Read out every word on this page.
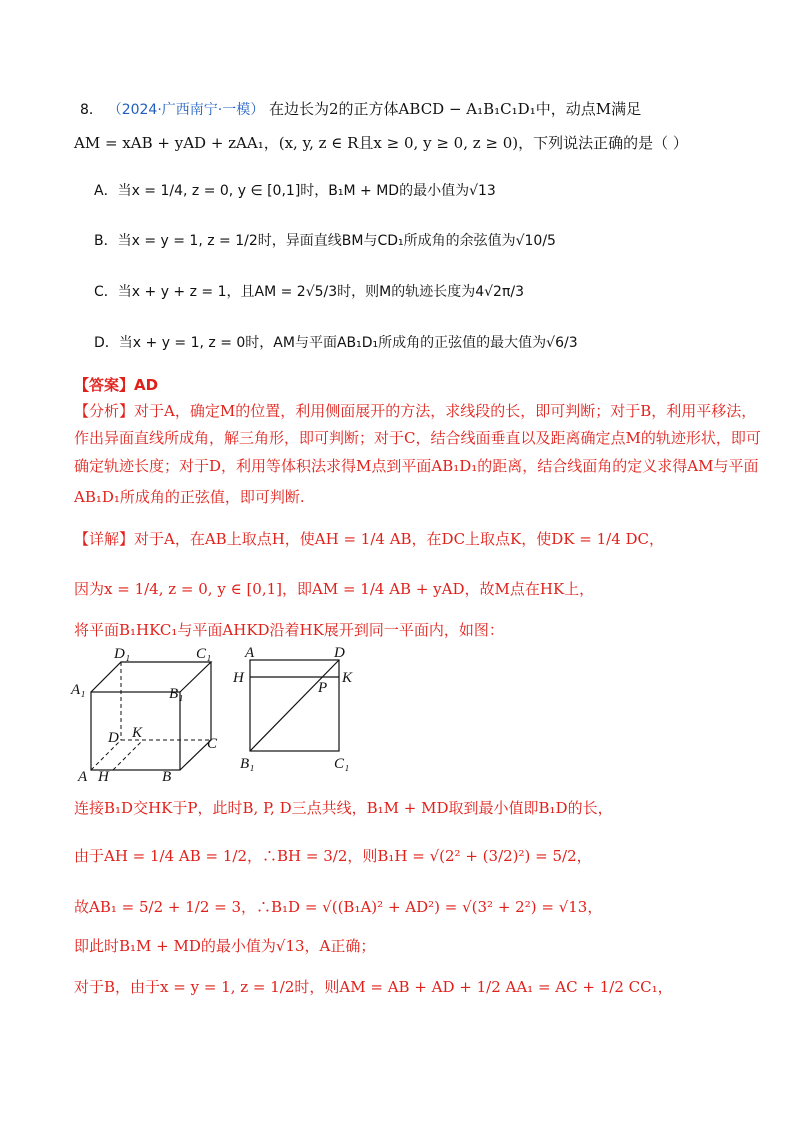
8． （2024·广西南宁·一模） 在边长为2的正方体ABCD − A₁B₁C₁D₁中，动点M满足
AM = xAB + yAD + zAA₁，(x, y, z ∈ R且x ≥ 0, y ≥ 0, z ≥ 0)，下列说法正确的是（ ）
A．当x = 1/4, z = 0, y ∈ [0,1]时，B₁M + MD的最小值为√13
B．当x = y = 1, z = 1/2时，异面直线BM与CD₁所成角的余弦值为√10/5
C．当x + y + z = 1，且AM = 2√5/3时，则M的轨迹长度为4√2π/3
D．当x + y = 1, z = 0时，AM与平面AB₁D₁所成角的正弦值的最大值为√6/3
【答案】AD
【分析】对于A，确定M的位置，利用侧面展开的方法，求线段的长，即可判断；对于B，利用平移法，
作出异面直线所成角，解三角形，即可判断；对于C，结合线面垂直以及距离确定点M的轨迹形状，即可
确定轨迹长度；对于D，利用等体积法求得M点到平面AB₁D₁的距离，结合线面角的定义求得AM与平面
AB₁D₁所成角的正弦值，即可判断.
【详解】对于A，在AB上取点H，使AH = 1/4 AB，在DC上取点K，使DK = 1/4 DC，
因为x = 1/4, z = 0, y ∈ [0,1]，即AM = 1/4 AB + yAD，故M点在HK上，
将平面B₁HKC₁与平面AHKD沿着HK展开到同一平面内，如图：
D₁	C₁
A₁	B₁
D K
C
A H	B
A	D
H
P
K
B₁	C₁
连接B₁D交HK于P，此时B, P, D三点共线，B₁M + MD取到最小值即B₁D的长，
由于AH = 1/4 AB = 1/2，∴BH = 3/2，则B₁H = √(2² + (3/2)²) = 5/2，
故AB₁ = 5/2 + 1/2 = 3，∴B₁D = √((B₁A)² + AD²) = √(3² + 2²) = √13，
即此时B₁M + MD的最小值为√13，A正确；
对于B，由于x = y = 1, z = 1/2时，则AM = AB + AD + 1/2 AA₁ = AC + 1/2 CC₁，
